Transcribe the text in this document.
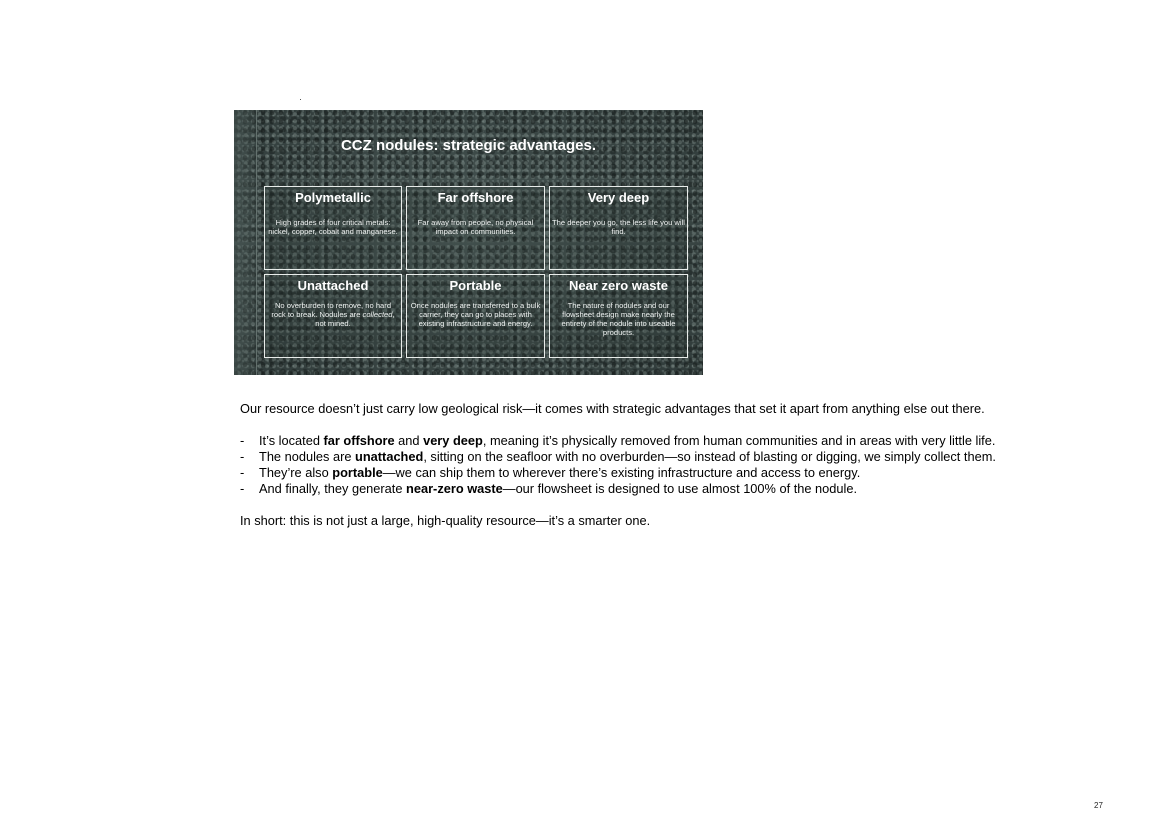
CCZ nodules: strategic advantages.
Polymetallic
High grades of four critical metals: nickel, copper, cobalt and manganese.
Far offshore
Far away from people, no physical impact on communities.
Very deep
The deeper you go, the less life you will find.
Unattached
No overburden to remove, no hard rock to break. Nodules are collected, not mined.
Portable
Once nodules are transferred to a bulk carrier, they can go to places with existing infrastructure and energy.
Near zero waste
The nature of nodules and our flowsheet design make nearly the entirety of the nodule into useable products.

Our resource doesn’t just carry low geological risk—it comes with strategic advantages that set it apart from anything else out there.

- It’s located far offshore and very deep, meaning it’s physically removed from human communities and in areas with very little life.
- The nodules are unattached, sitting on the seafloor with no overburden—so instead of blasting or digging, we simply collect them.
- They’re also portable—we can ship them to wherever there’s existing infrastructure and access to energy.
- And finally, they generate near-zero waste—our flowsheet is designed to use almost 100% of the nodule.

In short: this is not just a large, high-quality resource—it’s a smarter one.

27
